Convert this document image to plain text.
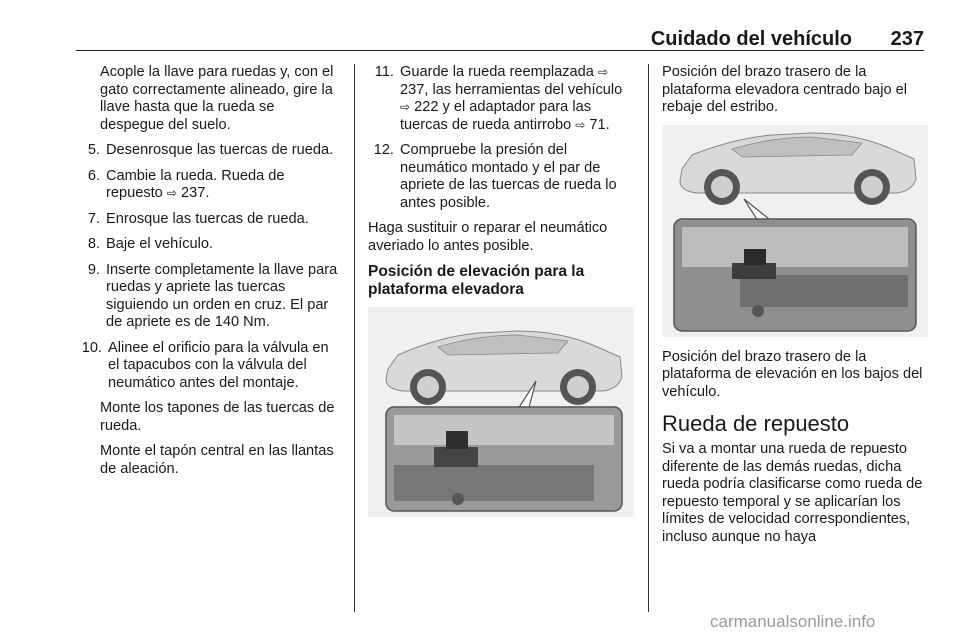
Cuidado del vehículo 237

Acople la llave para ruedas y, con el gato correctamente alineado, gire la llave hasta que la rueda se despegue del suelo.

5. Desenrosque las tuercas de rueda.
6. Cambie la rueda. Rueda de repuesto ⇨ 237.
7. Enrosque las tuercas de rueda.
8. Baje el vehículo.
9. Inserte completamente la llave para ruedas y apriete las tuercas siguiendo un orden en cruz. El par de apriete es de 140 Nm.
10. Alinee el orificio para la válvula en el tapacubos con la válvula del neumático antes del montaje.

Monte los tapones de las tuercas de rueda.

Monte el tapón central en las llantas de aleación.

11. Guarde la rueda reemplazada ⇨ 237, las herramientas del vehículo ⇨ 222 y el adaptador para las tuercas de rueda antirrobo ⇨ 71.
12. Compruebe la presión del neumático montado y el par de apriete de las tuercas de rueda lo antes posible.

Haga sustituir o reparar el neumático averiado lo antes posible.

Posición de elevación para la plataforma elevadora

Posición del brazo trasero de la plataforma elevadora centrado bajo el rebaje del estribo.

Posición del brazo trasero de la plataforma de elevación en los bajos del vehículo.

Rueda de repuesto

Si va a montar una rueda de repuesto diferente de las demás ruedas, dicha rueda podría clasificarse como rueda de repuesto temporal y se aplicarían los límites de velocidad correspondientes, incluso aunque no haya

carmanualsonline.info
